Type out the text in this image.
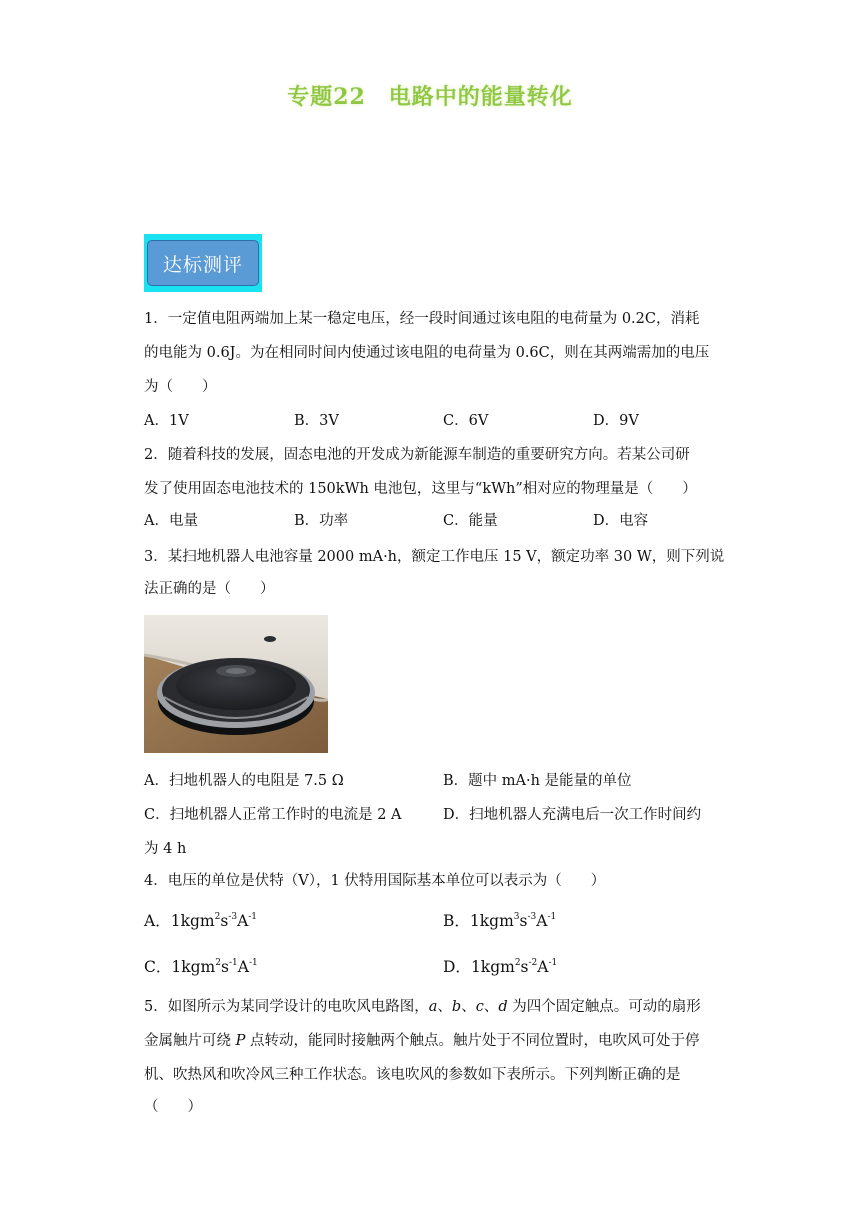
专题22　电路中的能量转化
达标测评
1．一定值电阻两端加上某一稳定电压，经一段时间通过该电阻的电荷量为 0.2C，消耗
的电能为 0.6J。为在相同时间内使通过该电阻的电荷量为 0.6C，则在其两端需加的电压
为（　　）
A．1V	B．3V	C．6V	D．9V
2．随着科技的发展，固态电池的开发成为新能源车制造的重要研究方向。若某公司研
发了使用固态电池技术的 150kWh 电池包，这里与“kWh”相对应的物理量是（　　）
A．电量	B．功率	C．能量	D．电容
3．某扫地机器人电池容量 2000 mA·h，额定工作电压 15 V，额定功率 30 W，则下列说
法正确的是（　　）
A．扫地机器人的电阻是 7.5 Ω	B．题中 mA·h 是能量的单位
C．扫地机器人正常工作时的电流是 2 A	D．扫地机器人充满电后一次工作时间约
为 4 h
4．电压的单位是伏特（V），1 伏特用国际基本单位可以表示为（　　）
A．$1kgm^2s^{-3}A^{-1}$	B．$1kgm^3s^{-3}A^{-1}$
C．$1kgm^2s^{-1}A^{-1}$	D．$1kgm^2s^{-2}A^{-1}$
5．如图所示为某同学设计的电吹风电路图，a、b、c、d 为四个固定触点。可动的扇形
金属触片可绕 P 点转动，能同时接触两个触点。触片处于不同位置时，电吹风可处于停
机、吹热风和吹冷风三种工作状态。该电吹风的参数如下表所示。下列判断正确的是
（　　）
